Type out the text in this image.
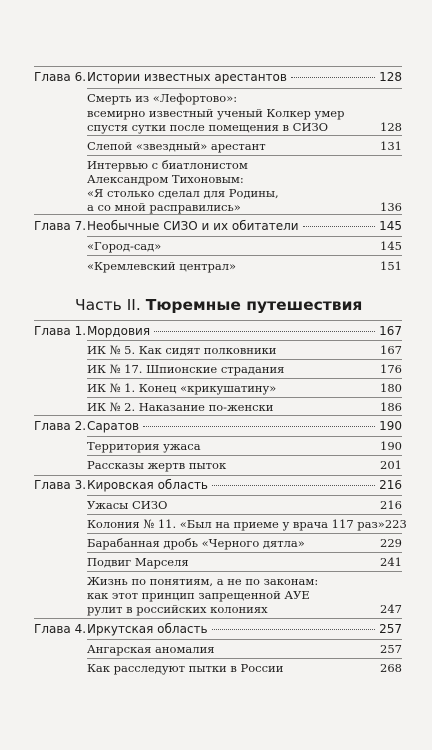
Глава 6. Истории известных арестантов	128
Смерть из «Лефортово»:
всемирно известный ученый Колкер умер
спустя сутки после помещения в СИЗО	128
Слепой «звездный» арестант	131
Интервью с биатлонистом
Александром Тихоновым:
«Я столько сделал для Родины,
а со мной расправились»	136
Глава 7. Необычные СИЗО и их обитатели	145
«Город-сад»	145
«Кремлевский централ»	151
Часть II. Тюремные путешествия
Глава 1. Мордовия	167
ИК № 5. Как сидят полковники	167
ИК № 17. Шпионские страдания	176
ИК № 1. Конец «крикушатину»	180
ИК № 2. Наказание по-женски	186
Глава 2. Саратов	190
Территория ужаса	190
Рассказы жертв пыток	201
Глава 3. Кировская область	216
Ужасы СИЗО	216
Колония № 11. «Был на приеме у врача 117 раз» 223
Барабанная дробь «Черного дятла»	229
Подвиг Марселя	241
Жизнь по понятиям, а не по законам:
как этот принцип запрещенной АУЕ
рулит в российских колониях	247
Глава 4. Иркутская область	257
Ангарская аномалия	257
Как расследуют пытки в России	268
